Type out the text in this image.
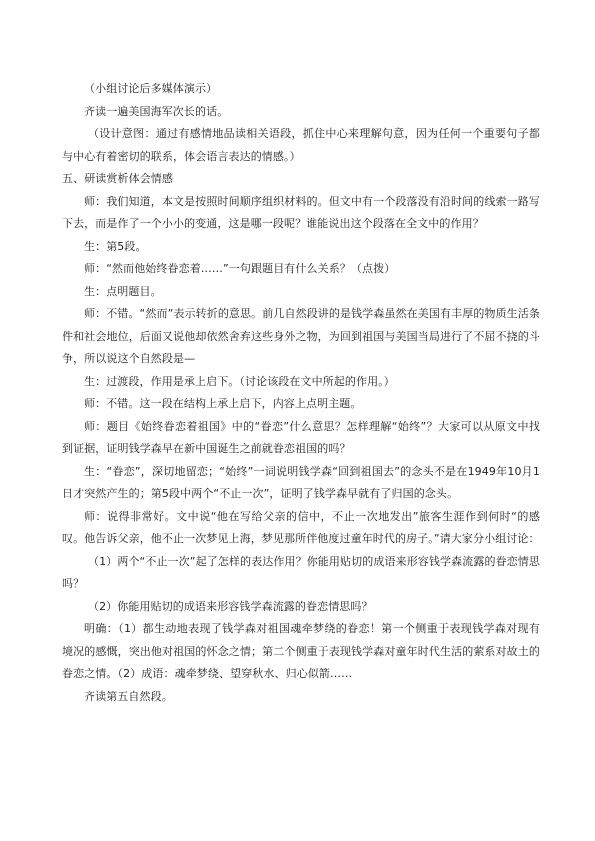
（小组讨论后多媒体演示）

齐读一遍美国海军次长的话。

（设计意图：通过有感情地品读相关语段，抓住中心来理解句意，因为任何一个重要句子都与中心有着密切的联系，体会语言表达的情感。）

五、研读赏析体会情感

师：我们知道，本文是按照时间顺序组织材料的。但文中有一个段落没有沿时间的线索一路写下去，而是作了一个小小的变通，这是哪一段呢？谁能说出这个段落在全文中的作用？

生：第5段。

师：“然而他始终眷恋着……”一句跟题目有什么关系？（点拨）

生：点明题目。

师：不错。“然而”表示转折的意思。前几自然段讲的是钱学森虽然在美国有丰厚的物质生活条件和社会地位，后面又说他却依然舍弃这些身外之物，为回到祖国与美国当局进行了不屈不挠的斗争，所以说这个自然段是—

生：过渡段，作用是承上启下。（讨论该段在文中所起的作用。）

师：不错。这一段在结构上承上启下，内容上点明主题。

师：题目《始终眷恋着祖国》中的“眷恋”什么意思？怎样理解“始终”？大家可以从原文中找到证据，证明钱学森早在新中国诞生之前就眷恋祖国的吗？

生：“眷恋”，深切地留恋；“始终”一词说明钱学森“回到祖国去”的念头不是在1949年10月1日才突然产生的；第5段中两个“不止一次”，证明了钱学森早就有了归国的念头。

师：说得非常好。文中说“他在写给父亲的信中，不止一次地发出”旅客生涯作到何时“的感叹。他告诉父亲，他不止一次梦见上海，梦见那所伴他度过童年时代的房子。”请大家分小组讨论：

（1）两个“不止一次”起了怎样的表达作用？你能用贴切的成语来形容钱学森流露的眷恋情思吗？

（2）你能用贴切的成语来形容钱学森流露的眷恋情思吗？

明确：（1）都生动地表现了钱学森对祖国魂牵梦绕的眷恋！第一个侧重于表现钱学森对现有境况的感慨，突出他对祖国的怀念之情；第二个侧重于表现钱学森对童年时代生活的萦系对故土的眷恋之情。（2）成语：魂牵梦绕、望穿秋水、归心似箭……

齐读第五自然段。
